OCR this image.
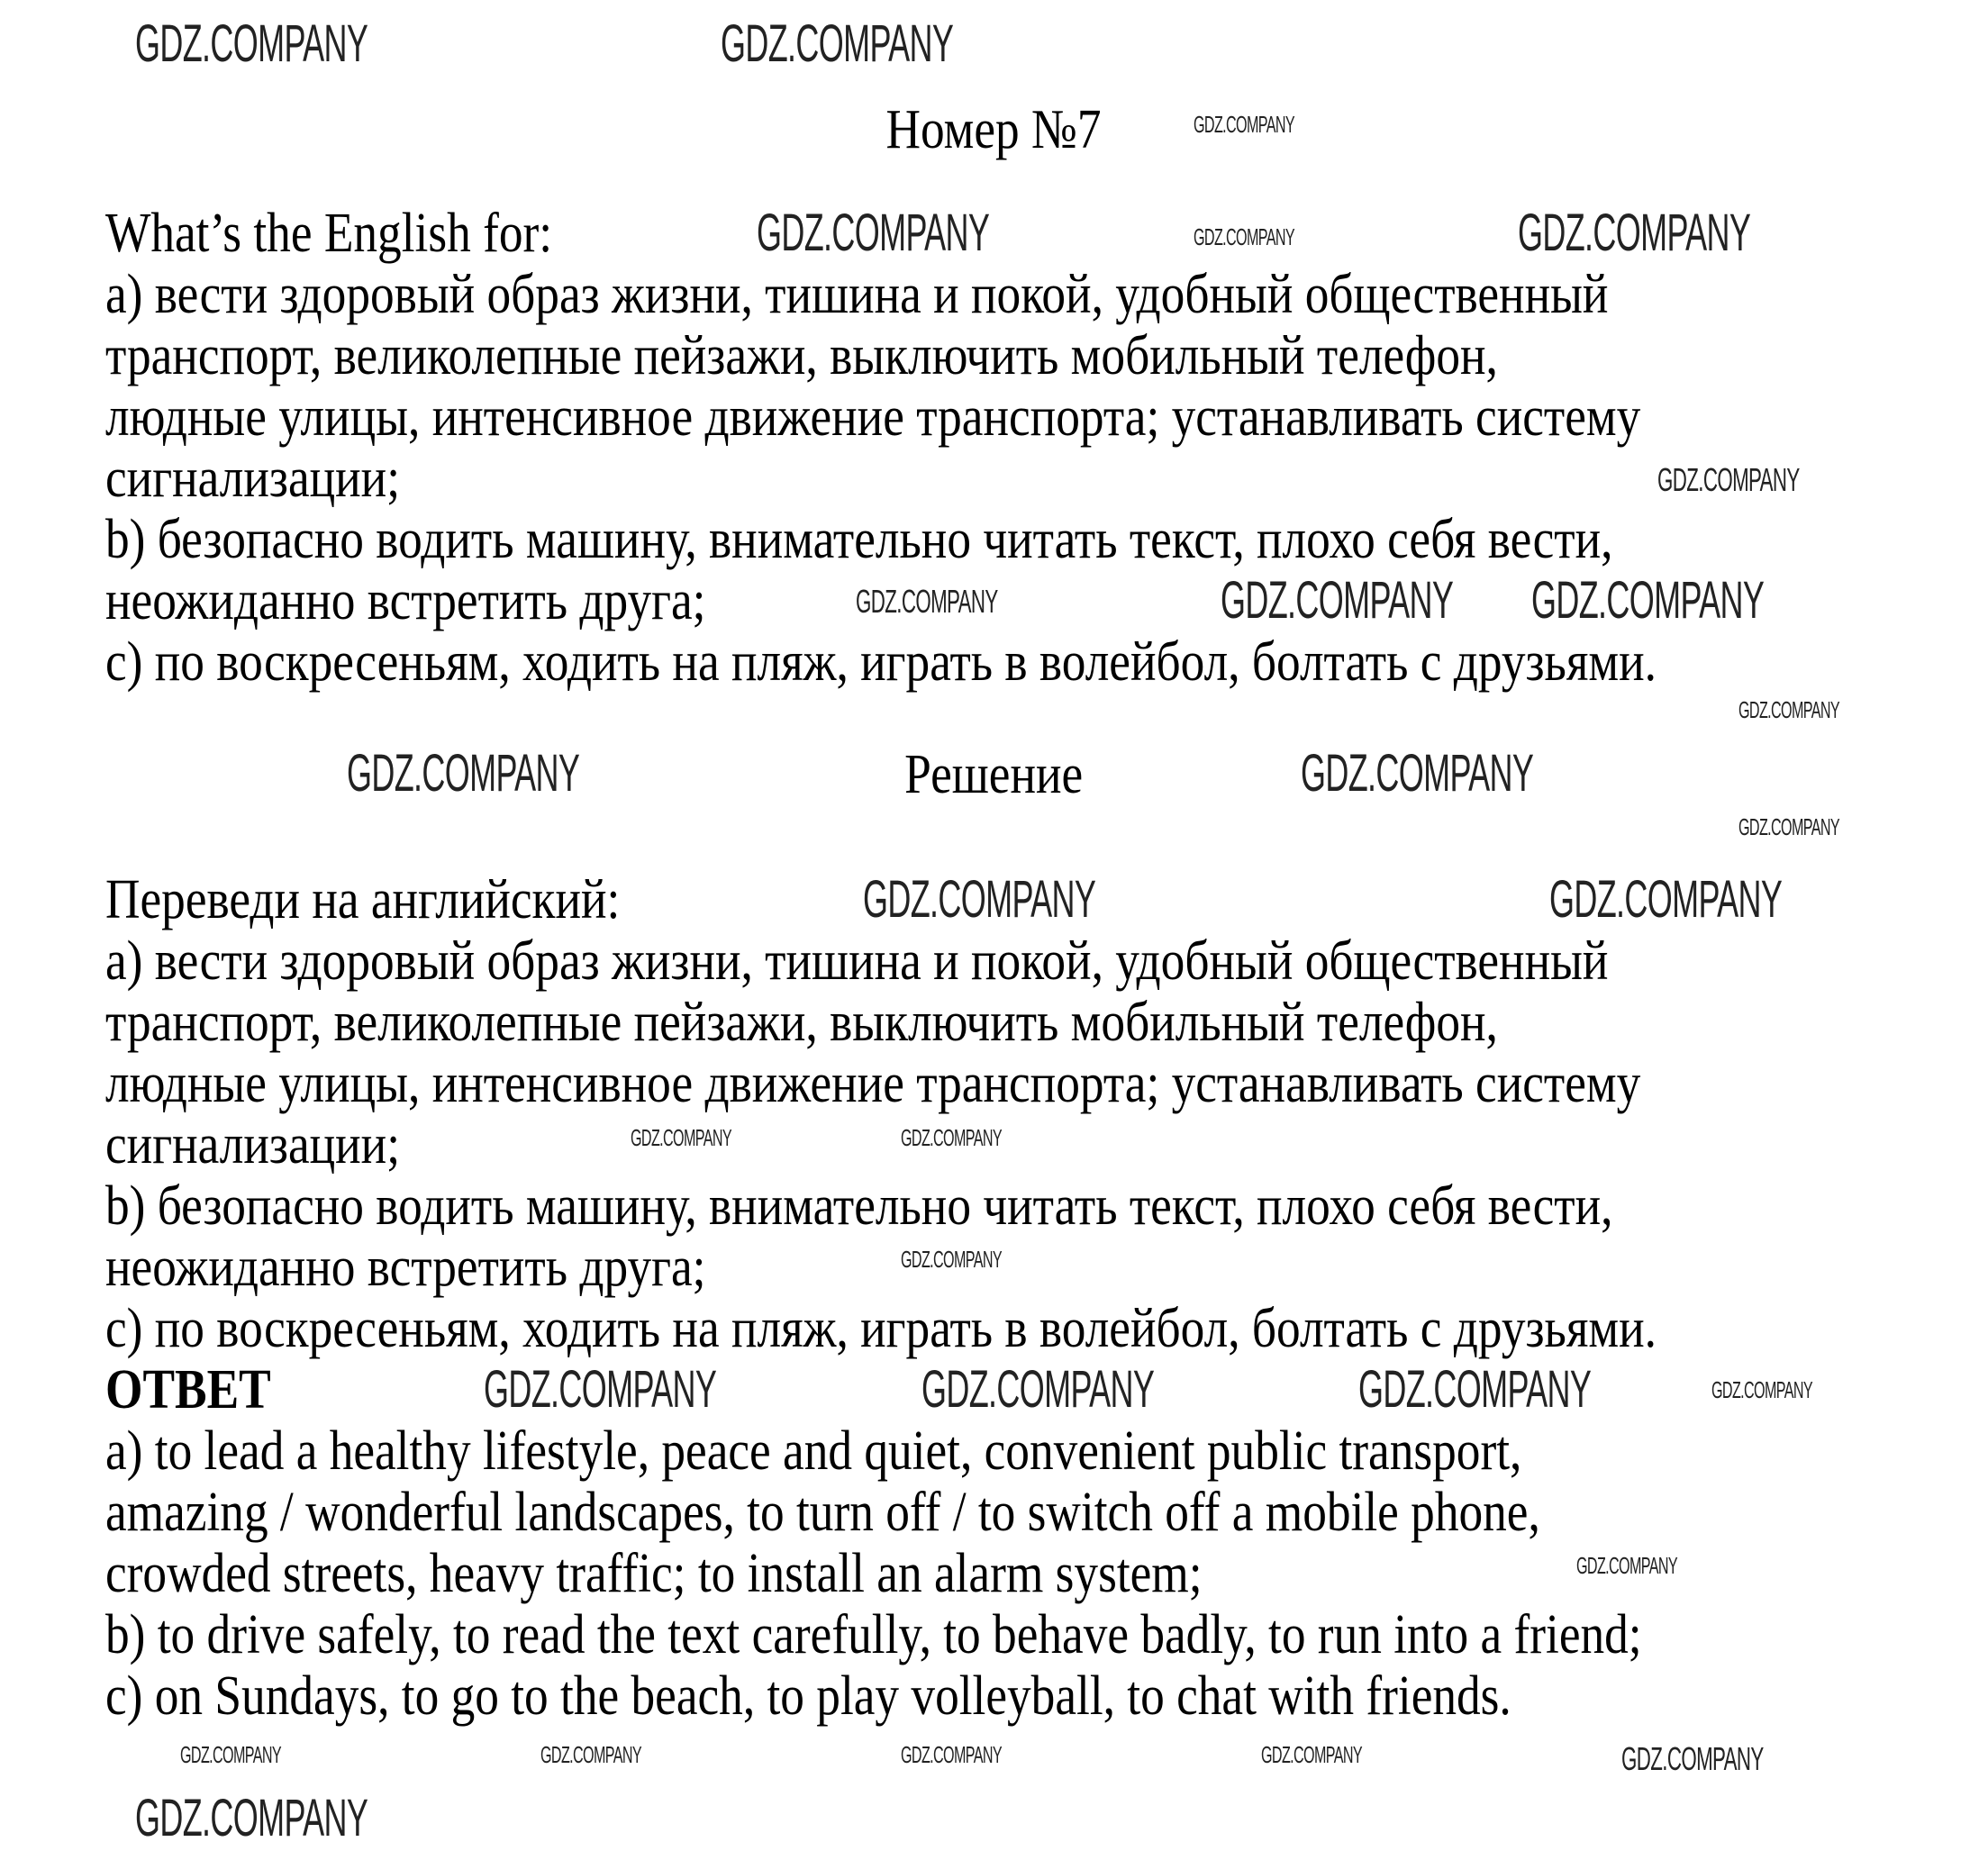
Номер №7
What’s the English for:
a) вести здоровый образ жизни, тишина и покой, удобный общественный
транспорт, великолепные пейзажи, выключить мобильный телефон,
людные улицы, интенсивное движение транспорта; устанавливать систему
сигнализации;
b) безопасно водить машину, внимательно читать текст, плохо себя вести,
неожиданно встретить друга;
c) по воскресеньям, ходить на пляж, играть в волейбол, болтать с друзьями.
Решение
Переведи на английский:
a) вести здоровый образ жизни, тишина и покой, удобный общественный
транспорт, великолепные пейзажи, выключить мобильный телефон,
людные улицы, интенсивное движение транспорта; устанавливать систему
сигнализации;
b) безопасно водить машину, внимательно читать текст, плохо себя вести,
неожиданно встретить друга;
c) по воскресеньям, ходить на пляж, играть в волейбол, болтать с друзьями.
ОТВЕТ
a) to lead a healthy lifestyle, peace and quiet, convenient public transport,
amazing / wonderful landscapes, to turn off / to switch off a mobile phone,
crowded streets, heavy traffic; to install an alarm system;
b) to drive safely, to read the text carefully, to behave badly, to run into a friend;
c) on Sundays, to go to the beach, to play volleyball, to chat with friends.
GDZ.COMPANY	GDZ.COMPANY
GDZ.COMPANY	GDZ.COMPANY
GDZ.COMPANY
GDZ.COMPANY
GDZ.COMPANY
GDZ.COMPANY	GDZ.COMPANY GDZ.COMPANY
GDZ.COMPANY
GDZ.COMPANY
GDZ.COMPANY
GDZ.COMPANY
GDZ.COMPANY	GDZ.COMPANY
GDZ.COMPANY	GDZ.COMPANY
GDZ.COMPANY
GDZ.COMPANY	GDZ.COMPANY	GDZ.COMPANY	GDZ.COMPANY
GDZ.COMPANY
GDZ.COMPANY	GDZ.COMPANY	GDZ.COMPANY	GDZ.COMPANY	GDZ.COMPANY
GDZ.COMPANY
